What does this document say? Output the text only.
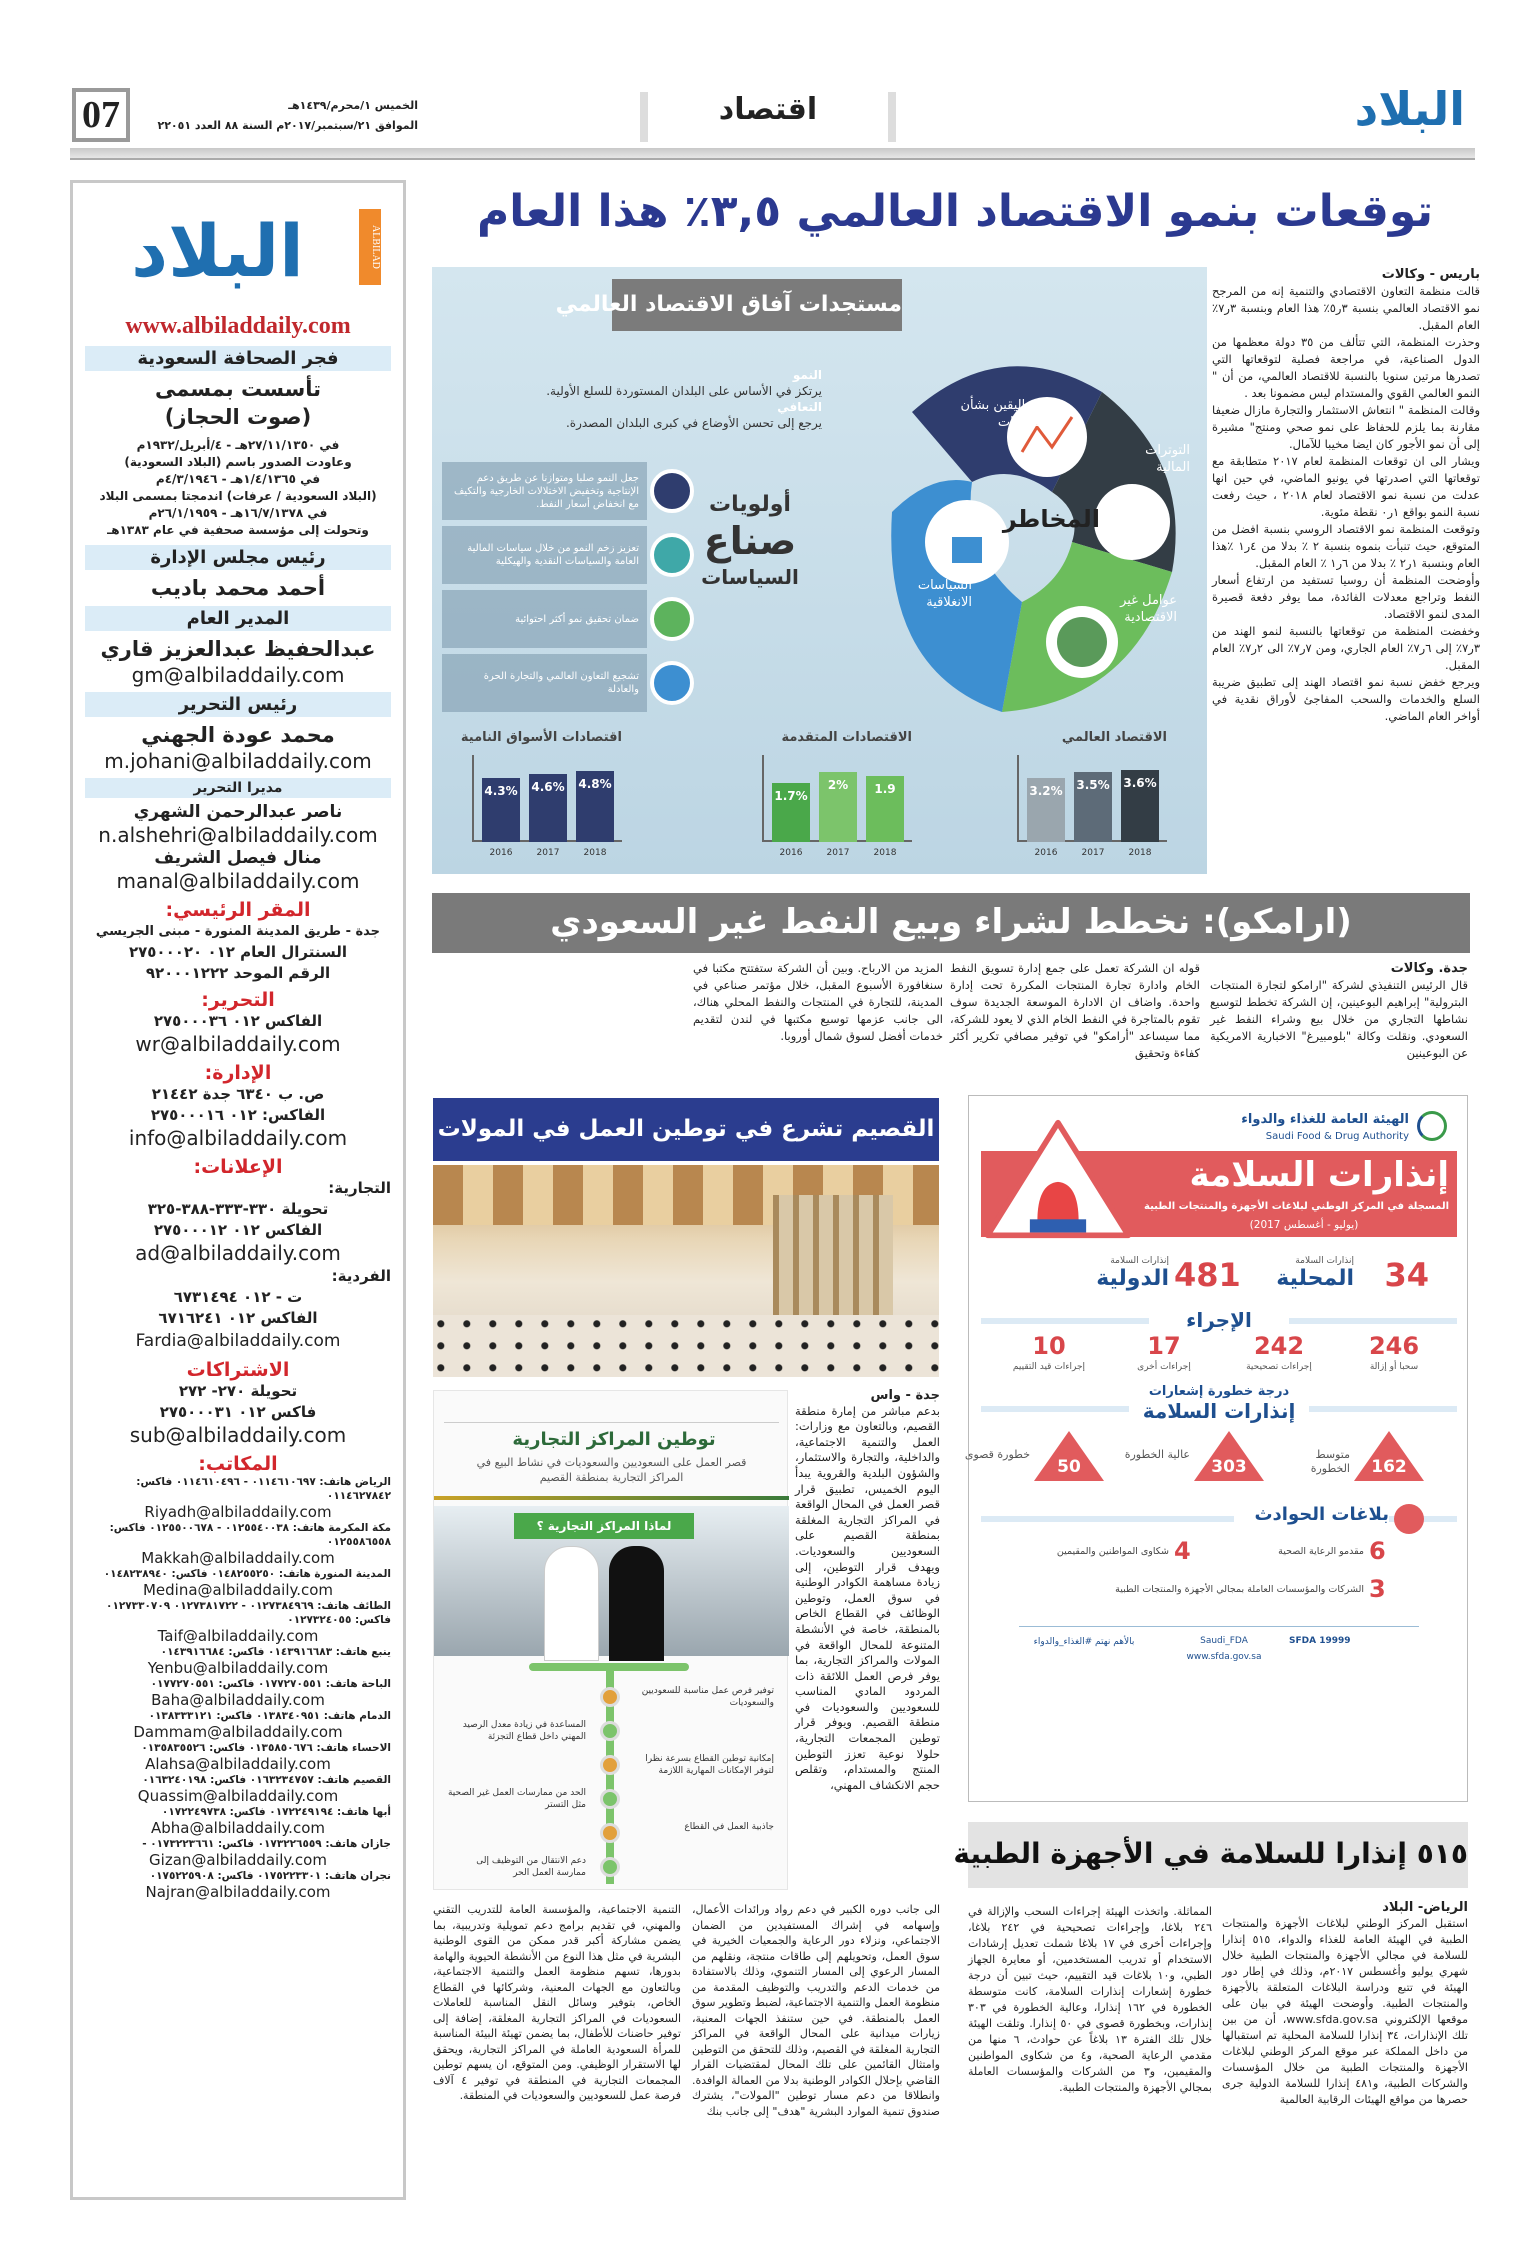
07	الخميس ١/محرم/١٤٣٩هـ
الموافق ٢١/سبتمبر/٢٠١٧م السنة ٨٨ العدد ٢٢٠٥١	اقتصاد	البلاد
البلاد	ALBILAD
www.albiladdaily.com
فجر الصحافة السعودية
تأسست بمسمى
(صوت الحجاز)
في ٢٧/١١/١٣٥٠هـ - ٤/أبريل/١٩٣٢م
وعاودت الصدور باسم (البلاد السعودية)
في ١/٤/١٣٦٥هـ - ٤/٣/١٩٤٦م
(البلاد السعودية / عرفات) اندمجتا بمسمى البلاد
في ١٦/٧/١٣٧٨هـ - ٢٦/١/١٩٥٩م
وتحولت إلى مؤسسة صحفية في عام ١٣٨٣هـ
رئيس مجلس الإدارة
أحمد محمد باديب
المدير العام
عبدالحفيظ عبدالعزيز قاري
gm@albiladdaily.com
رئيس التحرير
محمد عودة الجهني
m.johani@albiladdaily.com
مديرا التحرير
ناصر عبدالرحمن الشهري
n.alshehri@albiladdaily.com
منال فيصل الشريف
manal@albiladdaily.com
المقر الرئيسي:
جدة - طريق المدينة المنورة - مبنى الجريسي
السنترال العام ٠١٢ ٢٧٥٠٠٠٢٠
الرقم الموحد ٩٢٠٠٠١٢٢٢
التحرير:
الفاكس ٠١٢ ٢٧٥٠٠٠٣٦
wr@albiladdaily.com
الإدارة:
ص. ب ٦٣٤٠ جدة ٢١٤٤٢
الفاكس: ٠١٢ ٢٧٥٠٠٠١٦
info@albiladdaily.com
الإعلانات:
التجارية:
تحويلة ٣٣٠-٣٣٣-٣٨٨-٣٢٥
الفاكس ٠١٢ ٢٧٥٠٠٠١٢
ad@albiladdaily.com
الفردية:
ت - ٠١٢ ٦٧٣١٤٩٤
الفاكس ٠١٢ ٦٧١٦٢٤١
Fardia@albiladdaily.com
الاشتراكات
تحويلة ٢٧٠- ٢٧٢
فاكس ٠١٢ ٢٧٥٠٠٠٣١
sub@albiladdaily.com
المكاتب:
الرياض هاتف: ٠١١٤٦١٠٦٩٧ - ٠١١٤٦١٠٤٩٦ فاكس: ٠١١٤٦٢٧٨٤٢
Riyadh@albiladdaily.com
مكة المكرمة هاتف: ٠١٢٥٥٤٠٠٣٨ - ٠١٢٥٥٠٠٦٧٨ فاكس: ٠١٢٥٥٨٦٥٥٨
Makkah@albiladdaily.com
المدينة المنورة هاتف: ٠١٤٨٢٥٥٢٥٠ فاكس: ٠١٤٨٢٣٨٩٤٠
Medina@albiladdaily.com
الطائف هاتف: ٠١٢٧٣٨٤٩٦٩ - ٠١٢٧٣٨١٧٢٢ ٠١٢٧٣٣٠٧٠٩ فاكس: ٠١٢٧٣٢٤٠٥٥
Taif@albiladdaily.com
ينبع هاتف: ٠١٤٣٩١٦٦٨٣ فاكس: ٠١٤٣٩١٦٦٨٤
Yenbu@albiladdaily.com
الباحة هاتف: ٠١٧٧٢٧٠٥٥١ فاكس: ٠١٧٧٢٧٠٥٥١
Baha@albiladdaily.com
الدمام هاتف: ٠١٣٨٣٤٠٩٥١ فاكس: ٠١٣٨٣٣٣١٢١
Dammam@albiladdaily.com
الاحساء هاتف: ٠١٣٥٨٥٠٦٧٦ فاكس: ٠١٣٥٨٣٥٥٢٦
Alahsa@albiladdaily.com
القصيم هاتف: ٠١٦٣٢٣٤٧٥٧ فاكس: ٠١٦٣٢٤٠١٩٨
Quassim@albiladdaily.com
أبها هاتف: ٠١٧٢٢٤٩١٩٤ فاكس: ٠١٧٢٢٤٩٧٣٨
Abha@albiladdaily.com
جازان هاتف: ٠١٧٣٢٢٦٥٥٩ فاكس: ٠١٧٣٢٢٣٦٦١ -
Gizan@albiladdaily.com
نجران هاتف: ٠١٧٥٢٢٣٣٠١ فاكس: ٠١٧٥٢٢٥٩٠٨
Najran@albiladdaily.com
توقعات بنمو الاقتصاد العالمي ٣,٥٪ هذا العام
مستجدات آفاق الاقتصاد العالمي
النمو
يرتكز في الأساس على البلدان المستوردة للسلع الأولية.
التعافي
يرجع إلى تحسن الأوضاع في كبرى البلدان المصدرة.
جعل النمو صلبا ومتوازنا عن طريق دعم الإنتاجية وتخفيض الاختلالات الخارجية والتكيف مع انخفاض أسعار النفط.
تعزيز زخم النمو من خلال سياسات المالية العامة والسياسات النقدية والهيكلية
ضمان تحقيق نمو أكثر احتوائية
تشجيع التعاون العالمي والتجارة الحرة والعادلة
أولويات
صناع
السياسات
المخاطر
عدم اليقين بشأن السياسات
التوترات المالية
عوامل غير الاقتصادية
السياسات الانغلاقية
الاقتصاد العالمي
3.2%
2016
3.5%
2017
3.6%
2018
الاقتصادات المتقدمة
1.7%
2016
2%
2017
1.9
2018
اقتصادات الأسواق النامية
4.3%
2016
4.6%
2017
4.8%
2018
باريس - وكالات

قالت منظمة التعاون الاقتصادي والتنمية إنه من المرجح نمو الاقتصاد العالمي بنسبة ٣ر٥٪ هذا العام وبنسبة ٣ر٧٪ العام المقبل.

وحذرت المنظمة، التي تتألف من ٣٥ دولة معظمها من الدول الصناعية، في مراجعة فصلية لتوقعاتها التي تصدرها مرتين سنويا بالنسبة للاقتصاد العالمي، من أن " النمو العالمي القوي والمستدام ليس مضمونا بعد .

وقالت المنظمة " انتعاش الاستثمار والتجارة مازال ضعيفا مقارنة بما يلزم للحفاظ على نمو صحي ومنتج" مشيرة إلى أن نمو الأجور كان ايضا مخيبا للآمال.

ويشار الى ان توقعات المنظمة لعام ٢٠١٧ متطابقة مع توقعاتها التي اصدرتها في يونيو الماضي، في حين انها عدلت من نسبة نمو الاقتصاد لعام ٢٠١٨ ، حيث رفعت نسبة النمو بواقع ١ر٠ نقطة مئوية.

وتوقعت المنظمة نمو الاقتصاد الروسي بنسبة افضل من المتوقع، حيث تنبأت بنموه بنسبة ٢ ٪ بدلا من ٤ر١ ٪هذا العام وبنسبة ١ر٢ ٪ بدلا من ٦ر١ ٪ العام المقبل.

وأوضحت المنظمة أن روسيا تستفيد من ارتفاع أسعار النفط وتراجع معدلات الفائدة، مما يوفر دفعة قصيرة المدى لنمو الاقتصاد.

وخفضت المنظمة من توقعاتها بالنسبة لنمو الهند من ٣ر٧٪ إلى ٦ر٧٪ العام الجاري، ومن ٧ر٧٪ الى ٢ر٧٪ العام المقبل.

ويرجع خفض نسبة نمو اقتصاد الهند إلى تطبيق ضريبة السلع والخدمات والسحب المفاجئ لأوراق نقدية في أواخر العام الماضي.

(ارامكو): نخطط لشراء وبيع النفط غير السعودي
جدة. وكالات
قال الرئيس التنفيذي لشركة "ارامكو لتجارة المنتجات البترولية" إبراهيم البوعينين، إن الشركة تخطط لتوسيع نشاطها التجاري من خلال بيع وشراء النفط غير السعودي. ونقلت وكالة "بلومبيرغ" الاخبارية الامريكية عن البوعينين
قوله ان الشركة تعمل على جمع إدارة تسويق النفط الخام وادارة تجارة المنتجات المكررة تحت إدارة واحدة. واضاف ان الادارة الموسعة الجديدة سوف تقوم بالمتاجرة في النفط الخام الذي لا يعود للشركة، مما سيساعد "أرامكو" في توفير مصافي تكرير أكثر كفاءة وتحقيق
المزيد من الارباح. وبين أن الشركة ستفتتح مكتبا في سنغافورة الأسبوع المقبل، خلال مؤتمر صناعي في المدينة، للتجارة في المنتجات والنفط المحلي هناك، الى جانب عزمها توسيع مكتبها في لندن لتقديم خدمات أفضل لسوق شمال أوروبا.
القصيم تشرع في توطين العمل في المولات
توطين المراكز التجارية
قصر العمل على السعوديين والسعوديات في نشاط البيع في المراكز التجارية بمنطقة القصيم
لماذا المراكز التجارية ؟
توفير فرص عمل مناسبة للسعوديين والسعوديات
المساعدة في زيادة معدل الرصيد المهني داخل قطاع التجزئة
إمكانية توطين القطاع بسرعة نظرا لتوفر الإمكانات المهارية اللازمة
الحد من ممارسات العمل غير الصحية مثل التستر
جاذبية العمل في القطاع
دعم الانتقال من التوظيف إلى ممارسة العمل الحر
جدة - واس
بدعم مباشر من إمارة منطقة القصيم، وبالتعاون مع وزارات: العمل والتنمية الاجتماعية، والداخلية، والتجارة والاستثمار، والشؤون البلدية والقروية يبدأ اليوم الخميس، تطبيق قرار قصر العمل في المحال الواقعة في المراكز التجارية المغلقة بمنطقة القصيم على السعوديين والسعوديات. ويهدف قرار التوطين، إلى زيادة مساهمة الكوادر الوطنية في سوق العمل، وتوطين الوظائف في القطاع الخاص بالمنطقة، خاصة في الأنشطة المتنوعة للمحال الواقعة في المولات والمراكز التجارية، بما يوفر فرص العمل اللائقة ذات المردود المادي المناسب للسعوديين والسعوديات في منطقة القصيم. ويوفر قرار توطين المجمعات التجارية، حلولا نوعية تعزز التوطين المنتج والمستدام، وتقلص حجم الانكشاف المهني،
الى جانب دوره الكبير في دعم رواد ورائدات الأعمال، وإسهامه في إشراك المستفيدين من الضمان الاجتماعي، ونزلاء دور الرعاية والجمعيات الخيرية في سوق العمل، وتحويلهم إلى طاقات منتجة، ونقلهم من المسار الرعوي إلى المسار التنموي، وذلك بالاستفادة من خدمات الدعم والتدريب والتوظيف المقدمة من منظومة العمل والتنمية الاجتماعية، لضبط وتطوير سوق العمل بالمنطقة. في حين ستنفذ الجهات المعنية، زيارات ميدانية على المحال الواقعة في المراكز التجارية المغلقة في القصيم، وذلك للتحقق من التوطين وامتثال القائمين على تلك المحال لمقتضيات القرار القاضي بإحلال الكوادر الوطنية بدلا من العمالة الوافدة. وانطلاقا من دعم مسار توطين "المولات"، يشترك صندوق تنمية الموارد البشرية "هدف" إلى جانب بنك
التنمية الاجتماعية، والمؤسسة العامة للتدريب التقني والمهني، في تقديم برامج دعم تمويلية وتدريبية، بما يضمن مشاركة أكبر قدر ممكن من القوى الوطنية البشرية في مثل هذا النوع من الأنشطة الحيوية والهامة بدورها، تسهم منظومة العمل والتنمية الاجتماعية، وبالتعاون مع الجهات المعنية، وشركائها في القطاع الخاص، بتوفير وسائل النقل المناسبة للعاملات السعوديات في المراكز التجارية المغلقة، إضافة إلى توفير حاضنات للأطفال، بما يضمن تهيئة البيئة المناسبة للمرأة السعودية العاملة في المراكز التجارية، ويحقق لها الاستقرار الوظيفي. ومن المتوقع، ان يسهم توطين المجمعات التجارية في المنطقة في توفير ٤ آلاف فرصة عمل للسعوديين والسعوديات في المنطقة.
الهيئة العامة للغذاء والدواء
Saudi Food & Drug Authority
إنذارات السلامة
المسجلة في المركز الوطني لبلاغات الأجهزة والمنتجات الطبية
(يوليو - أغسطس 2017)
34
إنذارات السلامة
المحلية
481
إنذارات السلامة
الدولية
الإجراء
246
سحبا أو إزالة
242
إجراءات تصحيحية
17
إجراءات أخرى
10
إجراءات قيد التقييم
درجة خطورة إشعارات
إنذارات السلامة
162
متوسط الخطورة
303
عالية الخطورة
50
خطورة قصوى
بلاغات الحوادث
6
مقدمو الرعاية الصحية
4
شكاوى المواطنين والمقيمين
3
الشركات والمؤسسات العاملة بمجالي الأجهزة والمنتجات الطبية
SFDA 19999
Saudi_FDA
www.sfda.gov.sa
بالأهم نهتم #الغذاء_والدواء
٥١٥ إنذارا للسلامة في الأجهزة الطبية
الرياض- البلاد
استقبل المركز الوطني لبلاغات الأجهزة والمنتجات الطبية في الهيئة العامة للغذاء والدواء، ٥١٥ إنذارا للسلامة في مجالي الأجهزة والمنتجات الطبية خلال شهري يوليو وأغسطس ٢٠١٧م، وذلك في إطار دور الهيئة في تتبع ودراسة البلاغات المتعلقة بالأجهزة والمنتجات الطبية. وأوضحت الهيئة في بيان على موقعها الإلكتروني www.sfda.gov.sa، أن من بين تلك الإنذارات، ٣٤ إنذارا للسلامة المحلية تم استقبالها من داخل المملكة عبر موقع المركز الوطني لبلاغات الأجهزة والمنتجات الطبية من خلال المؤسسات والشركات الطبية، و٤٨١ إنذارا للسلامة الدولية جرى حصرها من مواقع الهيئات الرقابية العالمية
المماثلة. واتخذت الهيئة إجراءات السحب والإزالة في ٢٤٦ بلاغا، وإجراءات تصحيحية في ٢٤٢ بلاغا، وإجراءات أخرى في ١٧ بلاغا شملت تعديل إرشادات الاستخدام أو تدريب المستخدمين، أو معايرة الجهاز الطبي، و١٠ بلاغات قيد التقييم، حيث تبين أن درجة خطورة إشعارات إنذارات السلامة، كانت متوسطة الخطورة في ١٦٢ إنذارا، وعالية الخطورة في ٣٠٣ إنذارات، وبخطورة قصوى في ٥٠ إنذارا. وتلقت الهيئة خلال تلك الفترة ١٣ بلاغاً عن حوادث، ٦ منها من مقدمي الرعاية الصحية، و٤ من شكاوى المواطنين والمقيمين، و٣ من الشركات والمؤسسات العاملة بمجالي الأجهزة والمنتجات الطبية.
